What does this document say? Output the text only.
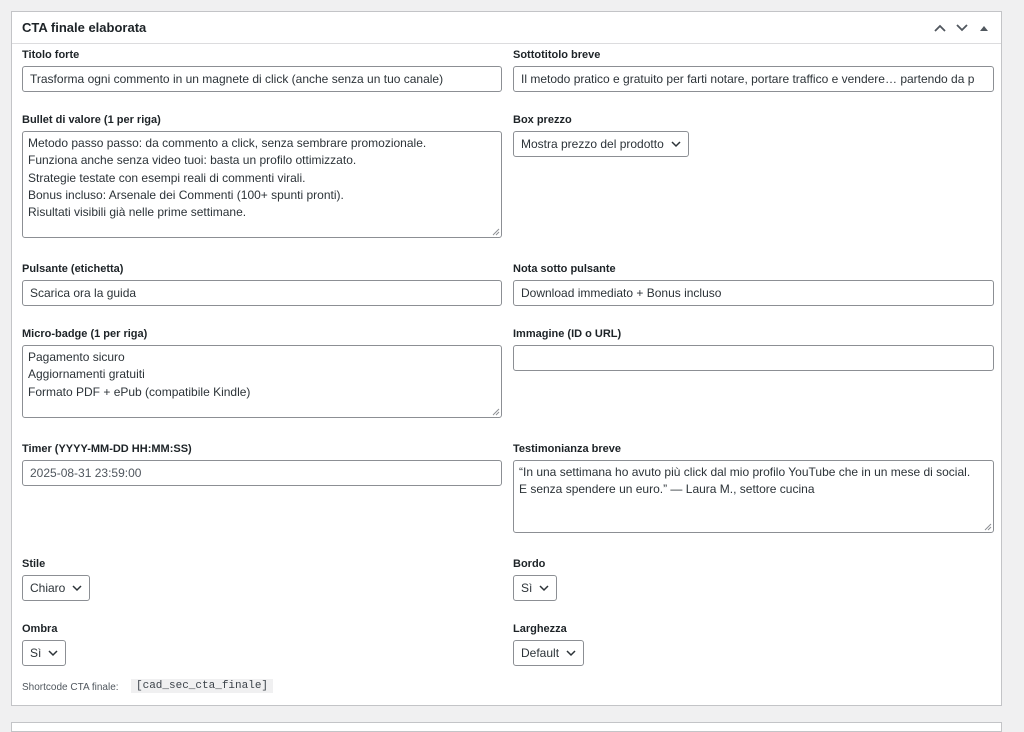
CTA finale elaborata
Titolo forte
Trasforma ogni commento in un magnete di click (anche senza un tuo canale)
Sottotitolo breve
Il metodo pratico e gratuito per farti notare, portare traffico e vendere… partendo da p
Bullet di valore (1 per riga)
Metodo passo passo: da commento a click, senza sembrare promozionale.
Funziona anche senza video tuoi: basta un profilo ottimizzato.
Strategie testate con esempi reali di commenti virali.
Bonus incluso: Arsenale dei Commenti (100+ spunti pronti).
Risultati visibili già nelle prime settimane.
Box prezzo
Mostra prezzo del prodotto
Pulsante (etichetta)
Scarica ora la guida
Nota sotto pulsante
Download immediato + Bonus incluso
Micro-badge (1 per riga)
Pagamento sicuro
Aggiornamenti gratuiti
Formato PDF + ePub (compatibile Kindle)
Immagine (ID o URL)
Timer (YYYY-MM-DD HH:MM:SS)
2025-08-31 23:59:00
Testimonianza breve
“In una settimana ho avuto più click dal mio profilo YouTube che in un mese di social.
E senza spendere un euro.” — Laura M., settore cucina
Stile
Chiaro
Bordo
Sì
Ombra
Sì
Larghezza
Default
Shortcode CTA finale:	[cad_sec_cta_finale]
